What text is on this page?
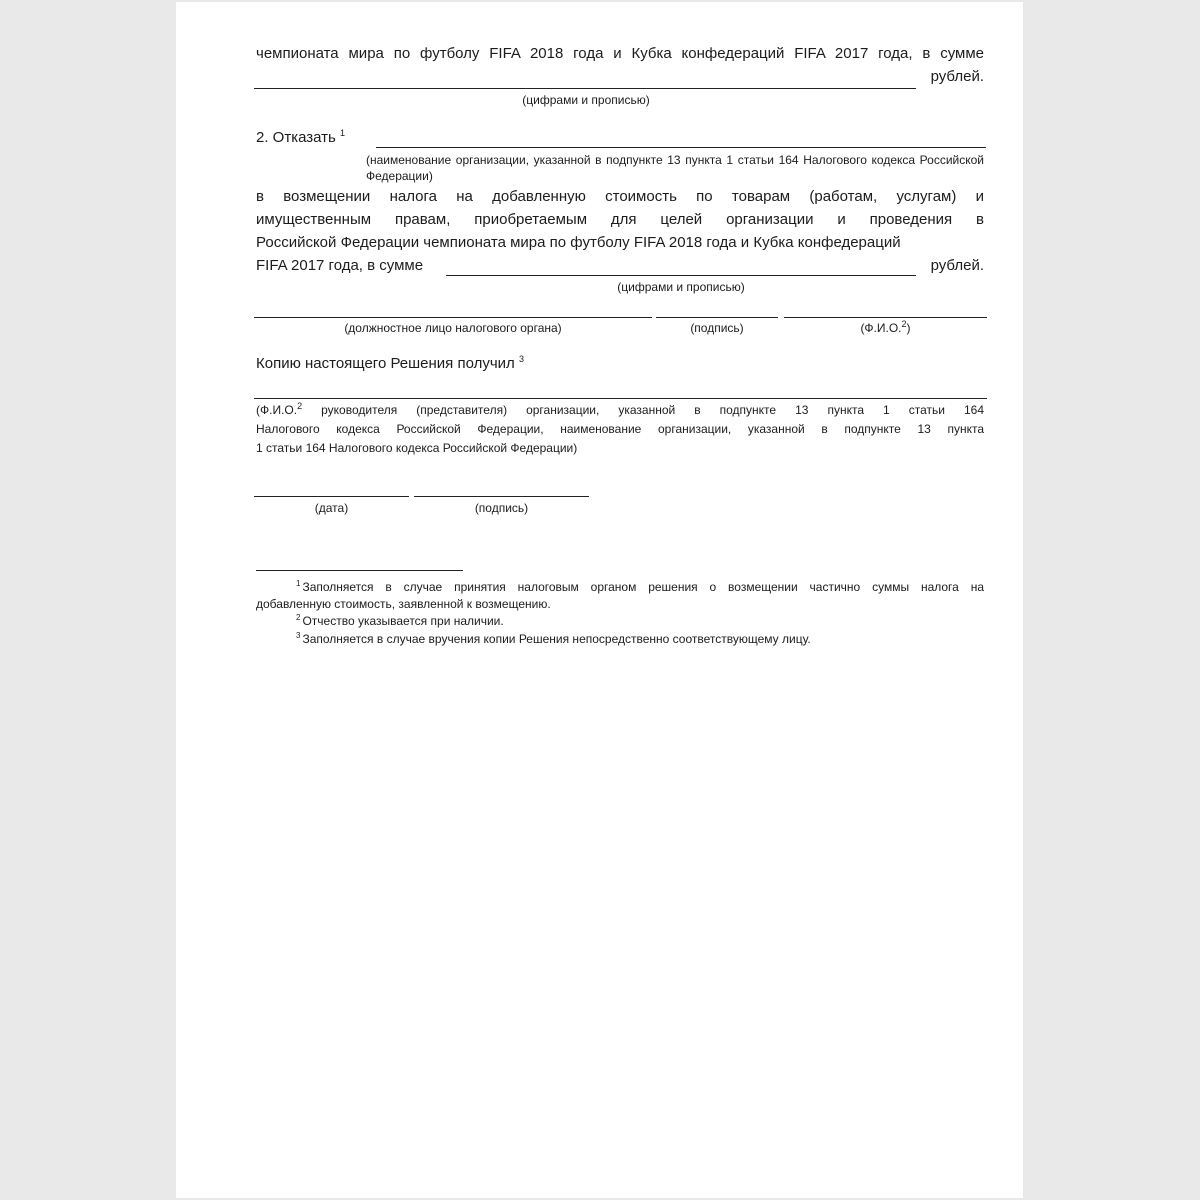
чемпионата мира по футболу FIFA 2018 года и Кубка конфедераций FIFA 2017 года, в сумме
рублей.
(цифрами и прописью)
2. Отказать $^1$
(наименование организации, указанной в подпункте 13 пункта 1 статьи 164 Налогового кодекса Российской Федерации)
в возмещении налога на добавленную стоимость по товарам (работам, услугам) и
имущественным правам, приобретаемым для целей организации и проведения в
Российской Федерации чемпионата мира по футболу FIFA 2018 года и Кубка конфедераций
FIFA 2017 года, в сумме	рублей.
(цифрами и прописью)
(должностное лицо налогового органа)	(подпись)	(Ф.И.О.$^2$)
Копию настоящего Решения получил $^3$
(Ф.И.О.$^2$ руководителя (представителя) организации, указанной в подпункте 13 пункта 1 статьи 164
Налогового кодекса Российской Федерации, наименование организации, указанной в подпункте 13 пункта
1 статьи 164 Налогового кодекса Российской Федерации)
(дата)	(подпись)
$^1$ Заполняется в случае принятия налоговым органом решения о возмещении частично суммы налога на
добавленную стоимость, заявленной к возмещению.
$^2$ Отчество указывается при наличии.
$^3$ Заполняется в случае вручения копии Решения непосредственно соответствующему лицу.
